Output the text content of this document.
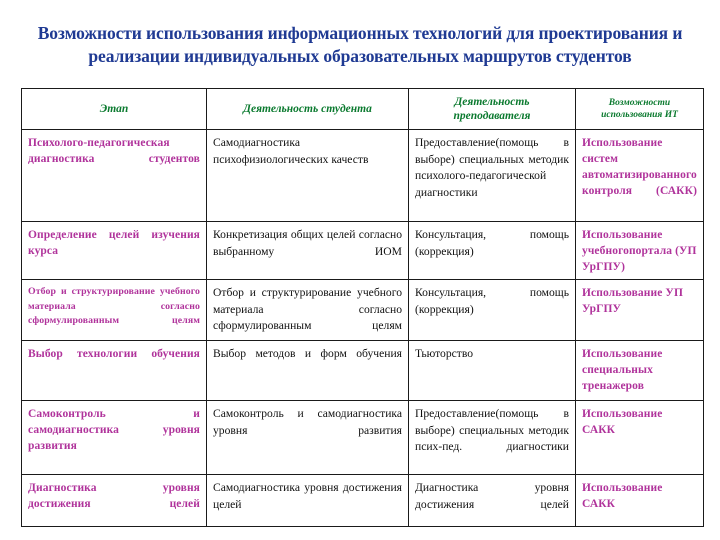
Возможности использования информационных технологий для проектирования и реализации индивидуальных образовательных маршрутов студентов
Этап	Деятельность студента	Деятельность преподавателя	Возможности использования ИТ
Психолого-педагогическая диагностика студентов	Самодиагностика психофизиологических качеств	Предоставление(помощь в выборе) специальных методик психолого-педагогической диагностики	Использование систем автоматизированного контроля (САКК)
Определение целей изучения курса	Конкретизация общих целей согласно выбранному ИОМ	Консультация, помощь (коррекция)	Использование учебногопортала (УП УрГПУ)
Отбор и структурирование учебного материала согласно сформулированным целям	Отбор и структурирование учебного материала согласно сформулированным целям	Консультация, помощь (коррекция)	Использование УП УрГПУ
Выбор технологии обучения	Выбор методов и форм обучения	Тьюторство	Использование специальных тренажеров
Самоконтроль и самодиагностика уровня развития	Самоконтроль и самодиагностика уровня развития	Предоставление(помощь в выборе) специальных методик псих-пед. диагностики	Использование САКК
Диагностика уровня достижения целей	Самодиагностика уровня достижения целей	Диагностика уровня достижения целей	Использование САКК
